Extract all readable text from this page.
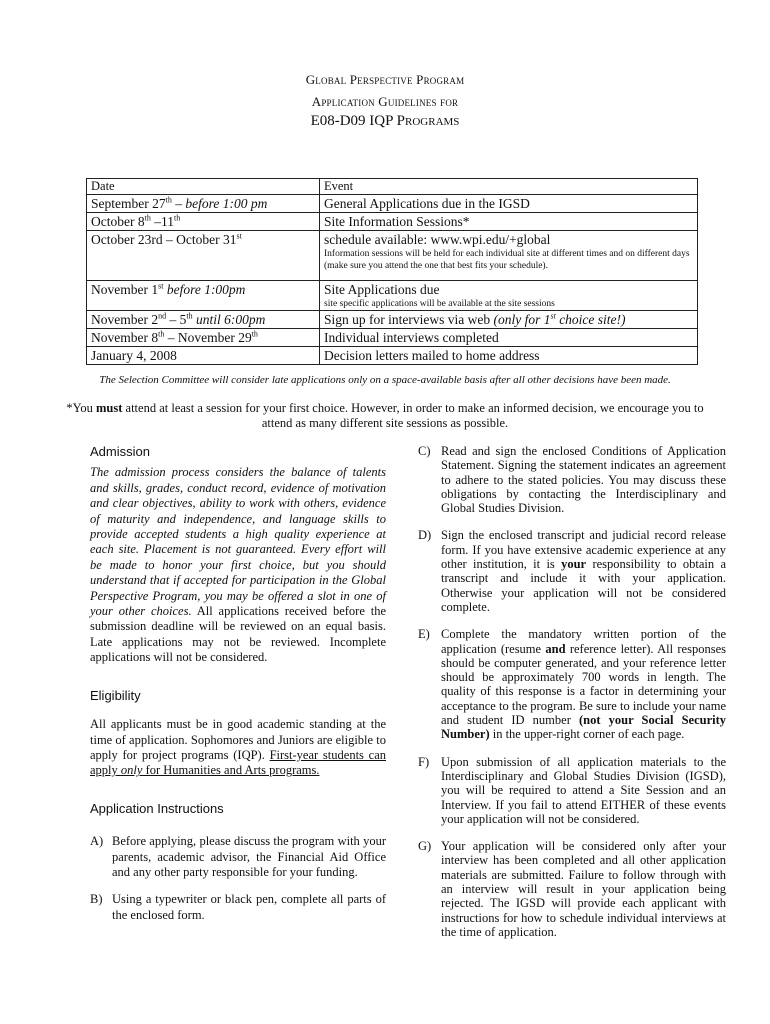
Global Perspective Program
Application Guidelines for
E08-D09 IQP Programs
Date	Event
September 27th – before 1:00 pm	General Applications due in the IGSD
October 8th –11th	Site Information Sessions*
October 23rd – October 31st	schedule available: www.wpi.edu/+global
Information sessions will be held for each individual site at different times and on different days (make sure you attend the one that best fits your schedule).

November 1st before 1:00pm	Site Applications due
site specific applications will be available at the site sessions

November 2nd – 5th until 6:00pm	Sign up for interviews via web (only for 1st choice site!)
November 8th – November 29th	Individual interviews completed
January 4, 2008	Decision letters mailed to home address
The Selection Committee will consider late applications only on a space-available basis after all other decisions have been made.
*You must attend at least a session for your first choice. However, in order to make an informed decision, we encourage you to attend as many different site sessions as possible.
Admission

The admission process considers the balance of talents and skills, grades, conduct record, evidence of motivation and clear objectives, ability to work with others, evidence of maturity and independence, and language skills to provide accepted students a high quality experience at each site. Placement is not guaranteed. Every effort will be made to honor your first choice, but you should understand that if accepted for participation in the Global Perspective Program, you may be offered a slot in one of your other choices. All applications received before the submission deadline will be reviewed on an equal basis. Late applications may not be reviewed. Incomplete applications will not be considered.

Eligibility

All applicants must be in good academic standing at the time of application. Sophomores and Juniors are eligible to apply for project programs (IQP). First-year students can apply only for Humanities and Arts programs.

Application Instructions
A) Before applying, please discuss the program with your parents, academic advisor, the Financial Aid Office and any other party responsible for your funding.
B) Using a typewriter or black pen, complete all parts of the enclosed form.
C) Read and sign the enclosed Conditions of Application Statement. Signing the statement indicates an agreement to adhere to the stated policies. You may discuss these obligations by contacting the Interdisciplinary and Global Studies Division.
D) Sign the enclosed transcript and judicial record release form. If you have extensive academic experience at any other institution, it is your responsibility to obtain a transcript and include it with your application. Otherwise your application will not be considered complete.
E) Complete the mandatory written portion of the application (resume and reference letter). All responses should be computer generated, and your reference letter should be approximately 700 words in length. The quality of this response is a factor in determining your acceptance to the program. Be sure to include your name and student ID number (not your Social Security Number) in the upper-right corner of each page.
F) Upon submission of all application materials to the Interdisciplinary and Global Studies Division (IGSD), you will be required to attend a Site Session and an Interview. If you fail to attend EITHER of these events your application will not be considered.
G) Your application will be considered only after your interview has been completed and all other application materials are submitted. Failure to follow through with an interview will result in your application being rejected. The IGSD will provide each applicant with instructions for how to schedule individual interviews at the time of application.
